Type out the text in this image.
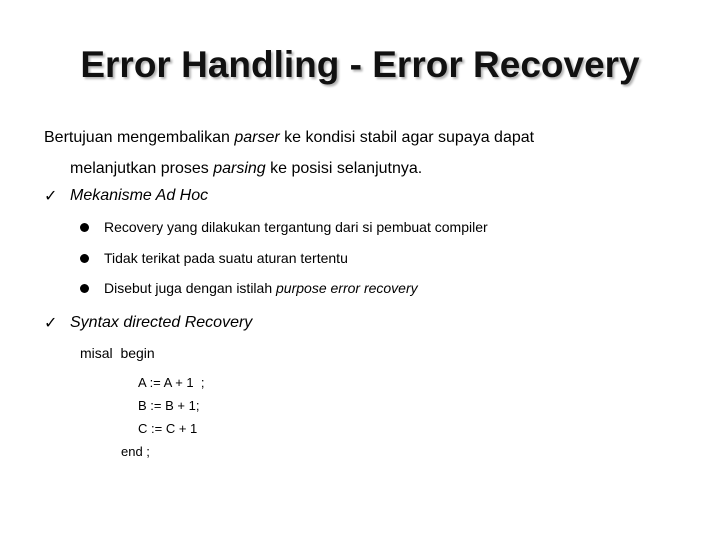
Error Handling - Error Recovery
Bertujuan mengembalikan parser ke kondisi stabil agar supaya dapat
melanjutkan proses parsing ke posisi selanjutnya.
✓ Mekanisme Ad Hoc
Recovery yang dilakukan tergantung dari si pembuat compiler
Tidak terikat pada suatu aturan tertentu
Disebut juga dengan istilah purpose error recovery
✓ Syntax directed Recovery
misal  begin
A := A + 1  ;
B := B + 1;
C := C + 1
end ;
